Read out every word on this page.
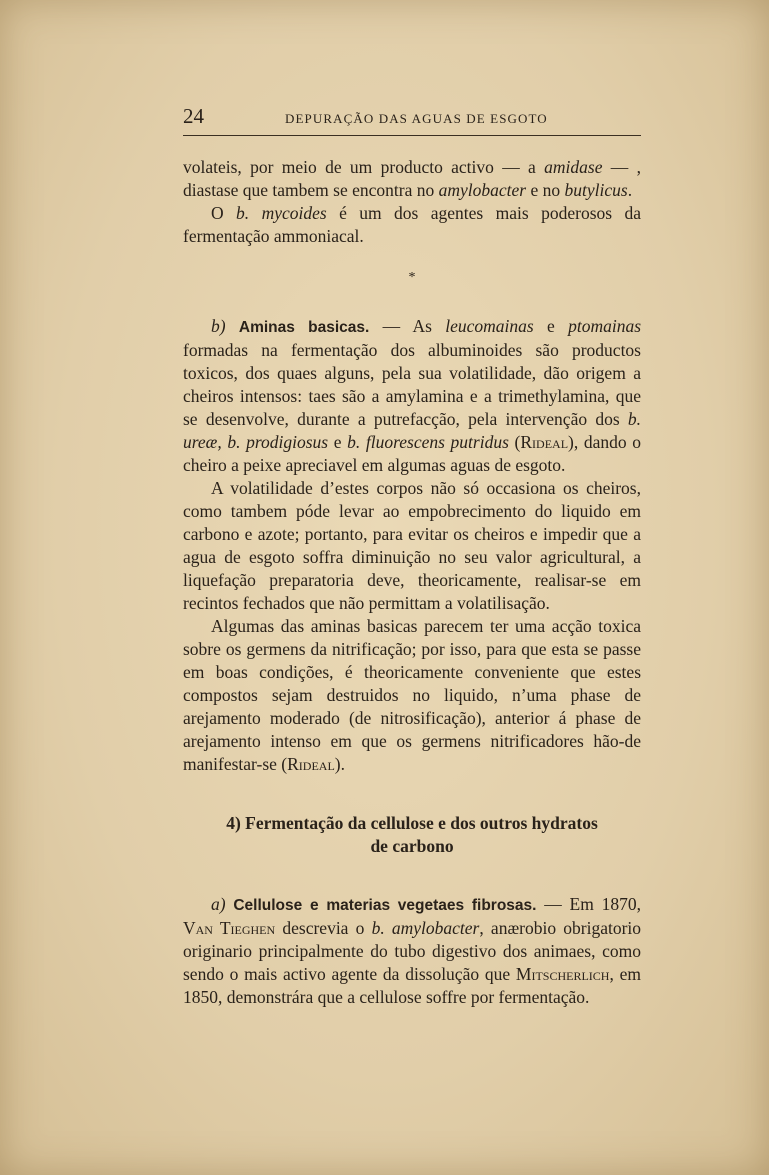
24	DEPURAÇÃO DAS AGUAS DE ESGOTO

volateis, por meio de um producto activo — a amidase — , diastase que tambem se encontra no amylobacter e no butylicus.

O b. mycoides é um dos agentes mais poderosos da fermentação ammoniacal.

*

b) Aminas basicas. — As leucomainas e ptomainas formadas na fermentação dos albuminoides são productos toxicos, dos quaes alguns, pela sua volatilidade, dão origem a cheiros intensos: taes são a amylamina e a trimethylamina, que se desenvolve, durante a putrefacção, pela intervenção dos b. ureæ, b. prodigiosus e b. fluorescens putridus (Rideal), dando o cheiro a peixe apreciavel em algumas aguas de esgoto.

A volatilidade d’estes corpos não só occasiona os cheiros, como tambem póde levar ao empobrecimento do liquido em carbono e azote; portanto, para evitar os cheiros e impedir que a agua de esgoto soffra diminuição no seu valor agricultural, a liquefação preparatoria deve, theoricamente, realisar-se em recintos fechados que não permittam a volatilisação.

Algumas das aminas basicas parecem ter uma acção toxica sobre os germens da nitrificação; por isso, para que esta se passe em boas condições, é theoricamente conveniente que estes compostos sejam destruidos no liquido, n’uma phase de arejamento moderado (de nitrosificação), anterior á phase de arejamento intenso em que os germens nitrificadores hão-de manifestar-se (Rideal).

4) Fermentação da cellulose e dos outros hydratos
de carbono

a) Cellulose e materias vegetaes fibrosas. — Em 1870, Van Tieghen descrevia o b. amylobacter, anærobio obrigatorio originario principalmente do tubo digestivo dos animaes, como sendo o mais activo agente da dissolução que Mitscherlich, em 1850, demonstrára que a cellulose soffre por fermentação.
